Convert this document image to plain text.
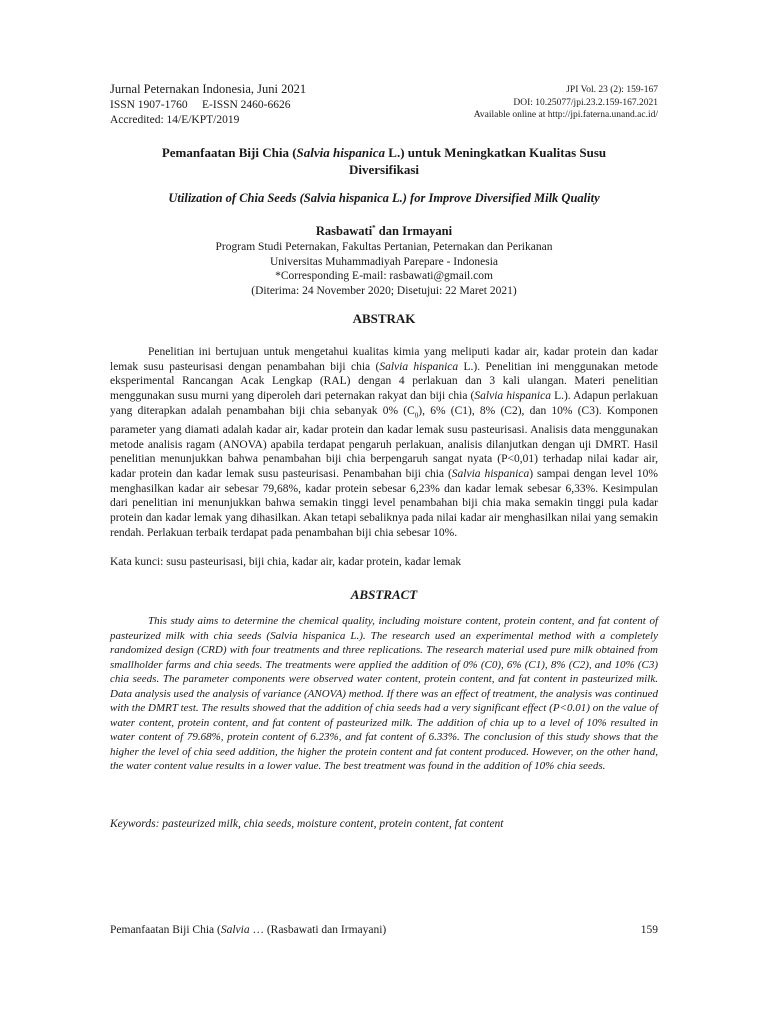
Jurnal Peternakan Indonesia, Juni 2021
ISSN 1907-1760     E-ISSN 2460-6626
Accredited: 14/E/KPT/2019
JPI Vol. 23 (2): 159-167
DOI: 10.25077/jpi.23.2.159-167.2021
Available online at http://jpi.faterna.unand.ac.id/
Pemanfaatan Biji Chia (Salvia hispanica L.) untuk Meningkatkan Kualitas Susu Diversifikasi
Utilization of Chia Seeds (Salvia hispanica L.) for Improve Diversified Milk Quality
Rasbawati* dan Irmayani
Program Studi Peternakan, Fakultas Pertanian, Peternakan dan Perikanan
Universitas Muhammadiyah Parepare - Indonesia
*Corresponding E-mail: rasbawati@gmail.com
(Diterima: 24 November 2020; Disetujui: 22 Maret 2021)
ABSTRAK

Penelitian ini bertujuan untuk mengetahui kualitas kimia yang meliputi kadar air, kadar protein dan kadar lemak susu pasteurisasi dengan penambahan biji chia (Salvia hispanica L.). Penelitian ini menggunakan metode eksperimental Rancangan Acak Lengkap (RAL) dengan 4 perlakuan dan 3 kali ulangan. Materi penelitian menggunakan susu murni yang diperoleh dari peternakan rakyat dan biji chia (Salvia hispanica L.). Adapun perlakuan yang diterapkan adalah penambahan biji chia sebanyak 0% $(C_0)$, 6% (C1), 8% (C2), dan 10% (C3). Komponen parameter yang diamati adalah kadar air, kadar protein dan kadar lemak susu pasteurisasi. Analisis data menggunakan metode analisis ragam (ANOVA) apabila terdapat pengaruh perlakuan, analisis dilanjutkan dengan uji DMRT. Hasil penelitian menunjukkan bahwa penambahan biji chia berpengaruh sangat nyata (P<0,01) terhadap nilai kadar air, kadar protein dan kadar lemak susu pasteurisasi. Penambahan biji chia (Salvia hispanica) sampai dengan level 10% menghasilkan kadar air sebesar 79,68%, kadar protein sebesar 6,23% dan kadar lemak sebesar 6,33%. Kesimpulan dari penelitian ini menunjukkan bahwa semakin tinggi level penambahan biji chia maka semakin tinggi pula kadar protein dan kadar lemak yang dihasilkan. Akan tetapi sebaliknya pada nilai kadar air menghasilkan nilai yang semakin rendah. Perlakuan terbaik terdapat pada penambahan biji chia sebesar 10%.

Kata kunci: susu pasteurisasi, biji chia, kadar air, kadar protein, kadar lemak
ABSTRACT

This study aims to determine the chemical quality, including moisture content, protein content, and fat content of pasteurized milk with chia seeds (Salvia hispanica L.). The research used an experimental method with a completely randomized design (CRD) with four treatments and three replications. The research material used pure milk obtained from smallholder farms and chia seeds. The treatments were applied the addition of 0% (C0), 6% (C1), 8% (C2), and 10% (C3) chia seeds. The parameter components were observed water content, protein content, and fat content in pasteurized milk. Data analysis used the analysis of variance (ANOVA) method. If there was an effect of treatment, the analysis was continued with the DMRT test. The results showed that the addition of chia seeds had a very significant effect (P<0.01) on the value of water content, protein content, and fat content of pasteurized milk. The addition of chia up to a level of 10% resulted in water content of 79.68%, protein content of 6.23%, and fat content of 6.33%. The conclusion of this study shows that the higher the level of chia seed addition, the higher the protein content and fat content produced. However, on the other hand, the water content value results in a lower value. The best treatment was found in the addition of 10% chia seeds.

Keywords: pasteurized milk, chia seeds, moisture content, protein content, fat content
Pemanfaatan Biji Chia (Salvia … (Rasbawati dan Irmayani)	159
